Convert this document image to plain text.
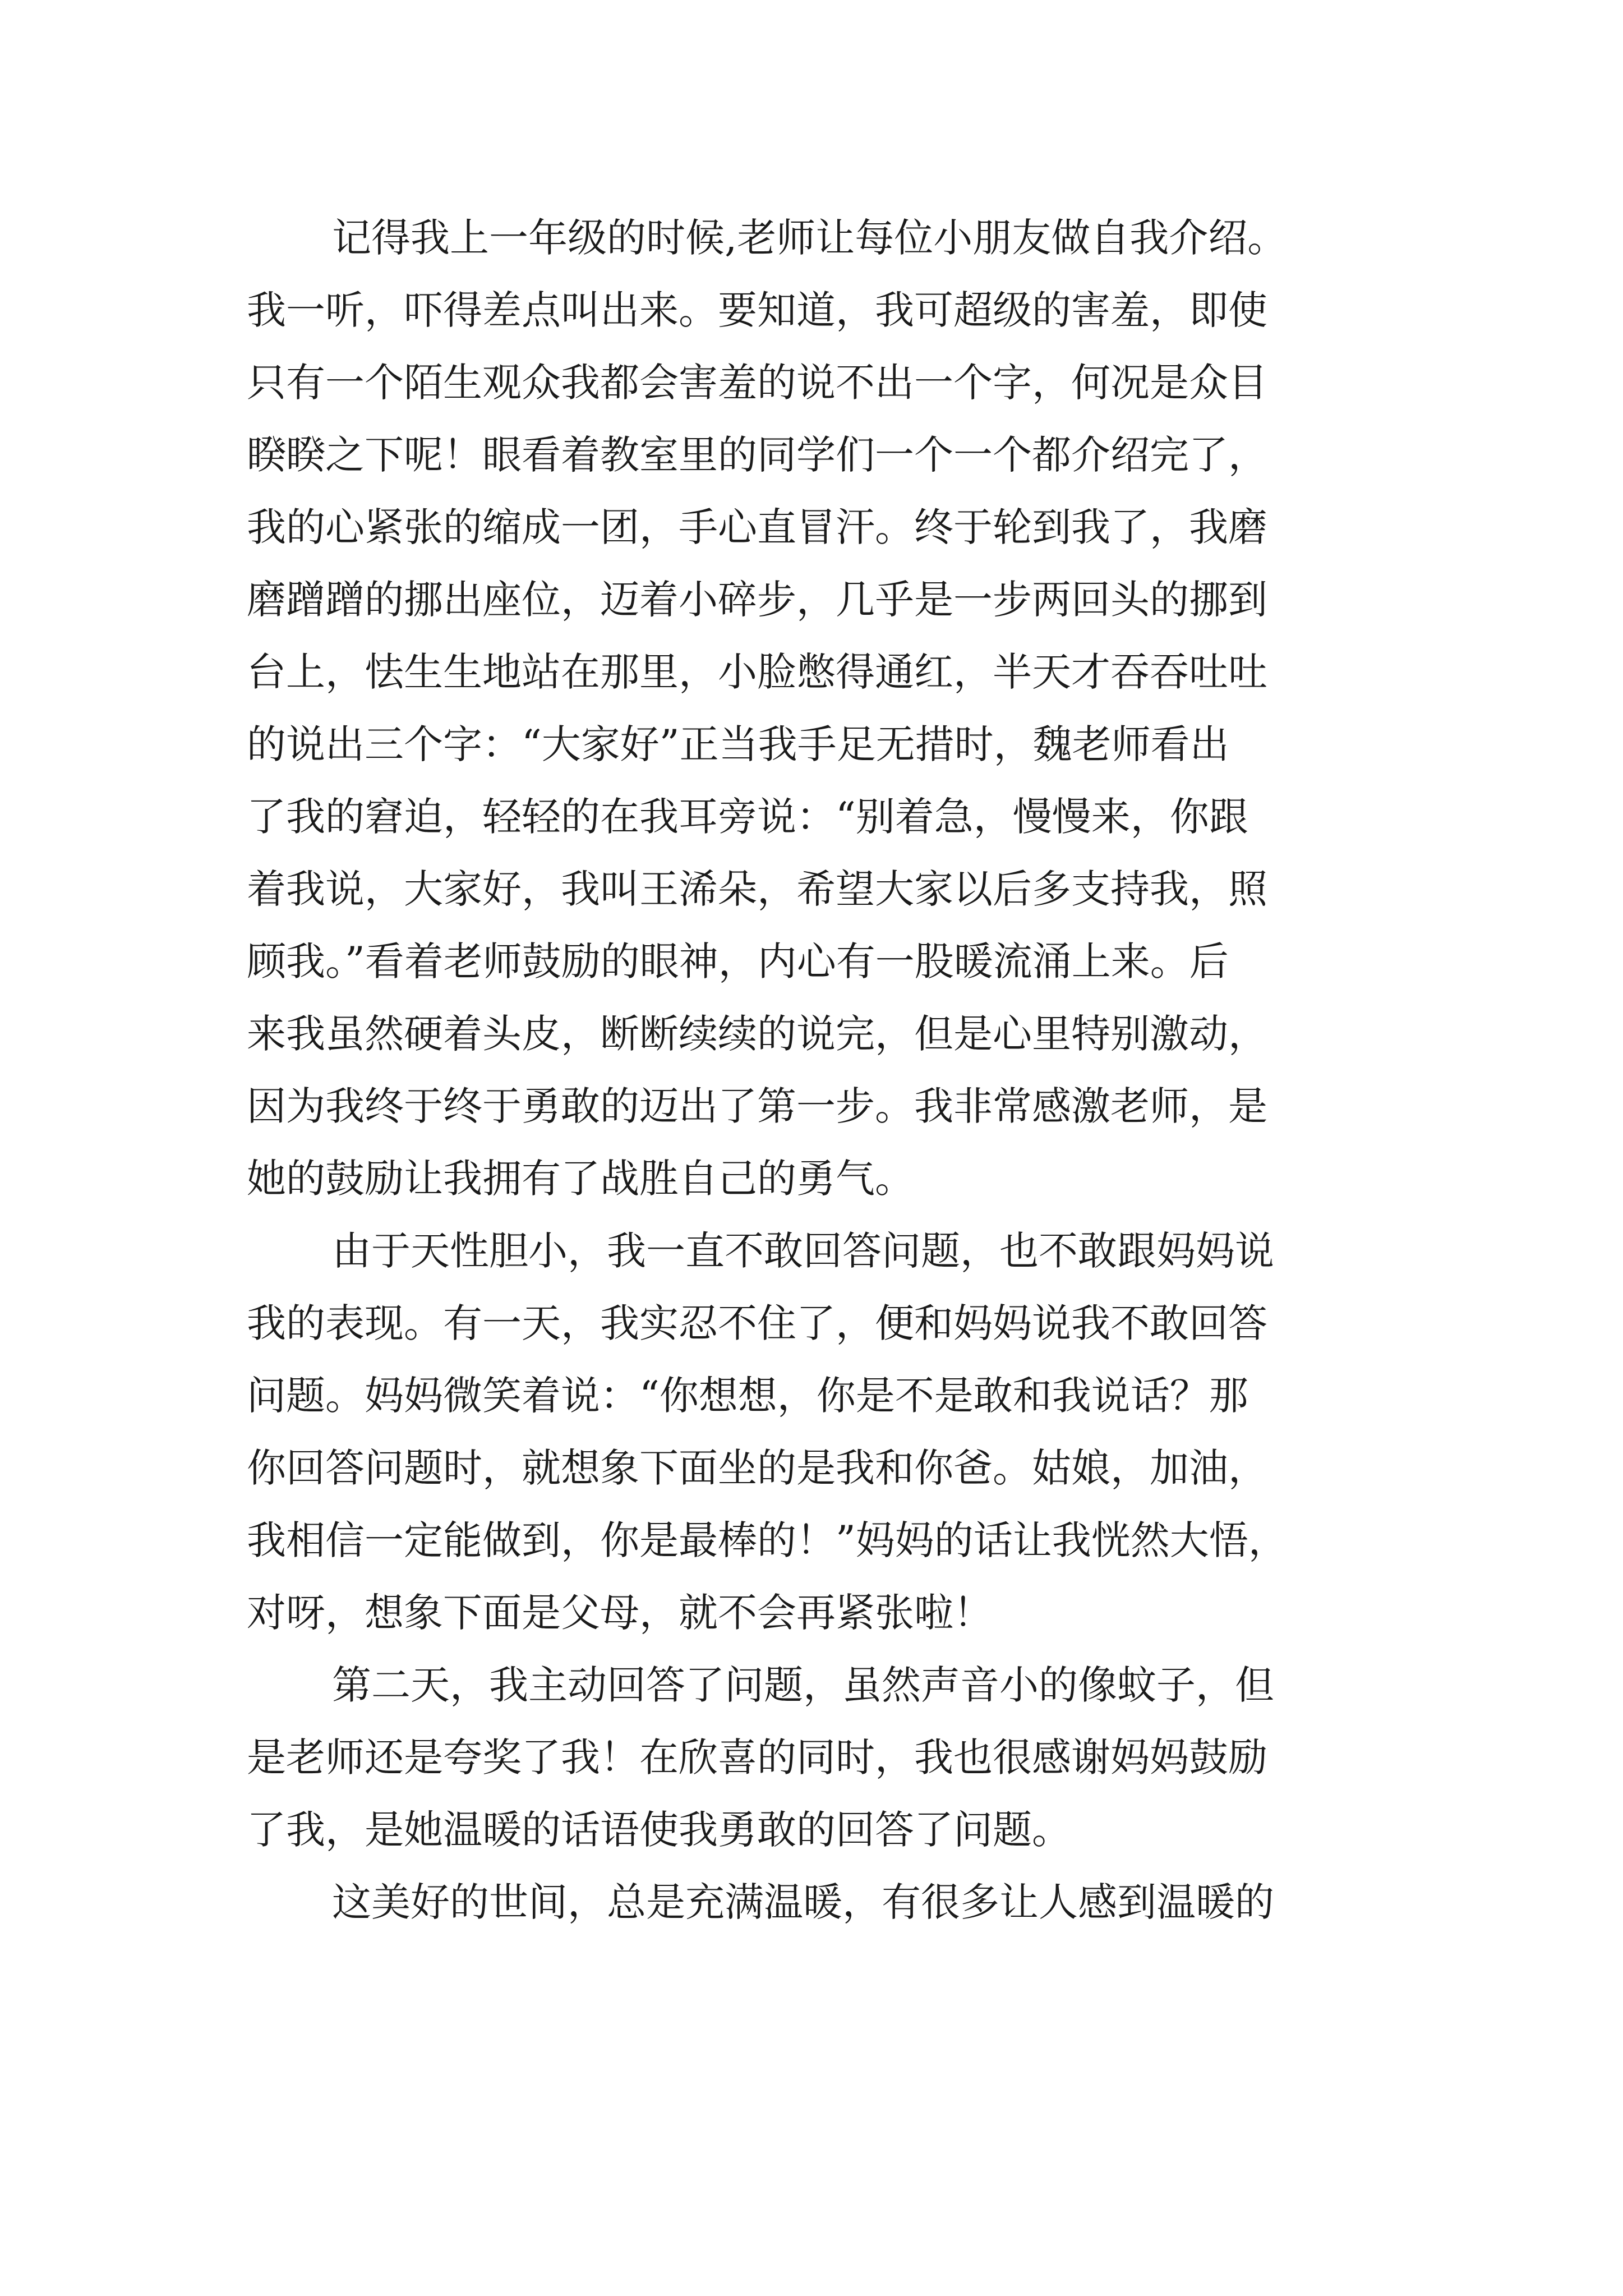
记得我上一年级的时候,老师让每位小朋友做自我介绍。
我一听，吓得差点叫出来。要知道，我可超级的害羞，即使
只有一个陌生观众我都会害羞的说不出一个字，何况是众目
睽睽之下呢！眼看着教室里的同学们一个一个都介绍完了，
我的心紧张的缩成一团，手心直冒汗。终于轮到我了，我磨
磨蹭蹭的挪出座位，迈着小碎步，几乎是一步两回头的挪到
台上，怯生生地站在那里，小脸憋得通红，半天才吞吞吐吐
的说出三个字：“大家好”正当我手足无措时，魏老师看出
了我的窘迫，轻轻的在我耳旁说：“别着急，慢慢来，你跟
着我说，大家好，我叫王浠朵，希望大家以后多支持我，照
顾我。”看着老师鼓励的眼神，内心有一股暖流涌上来。后
来我虽然硬着头皮，断断续续的说完，但是心里特别激动，
因为我终于终于勇敢的迈出了第一步。我非常感激老师，是
她的鼓励让我拥有了战胜自己的勇气。
由于天性胆小，我一直不敢回答问题，也不敢跟妈妈说
我的表现。有一天，我实忍不住了，便和妈妈说我不敢回答
问题。妈妈微笑着说：“你想想，你是不是敢和我说话？那
你回答问题时，就想象下面坐的是我和你爸。姑娘，加油，
我相信一定能做到，你是最棒的！”妈妈的话让我恍然大悟，
对呀，想象下面是父母，就不会再紧张啦！
第二天，我主动回答了问题，虽然声音小的像蚊子，但
是老师还是夸奖了我！在欣喜的同时，我也很感谢妈妈鼓励
了我，是她温暖的话语使我勇敢的回答了问题。
这美好的世间，总是充满温暖，有很多让人感到温暖的
